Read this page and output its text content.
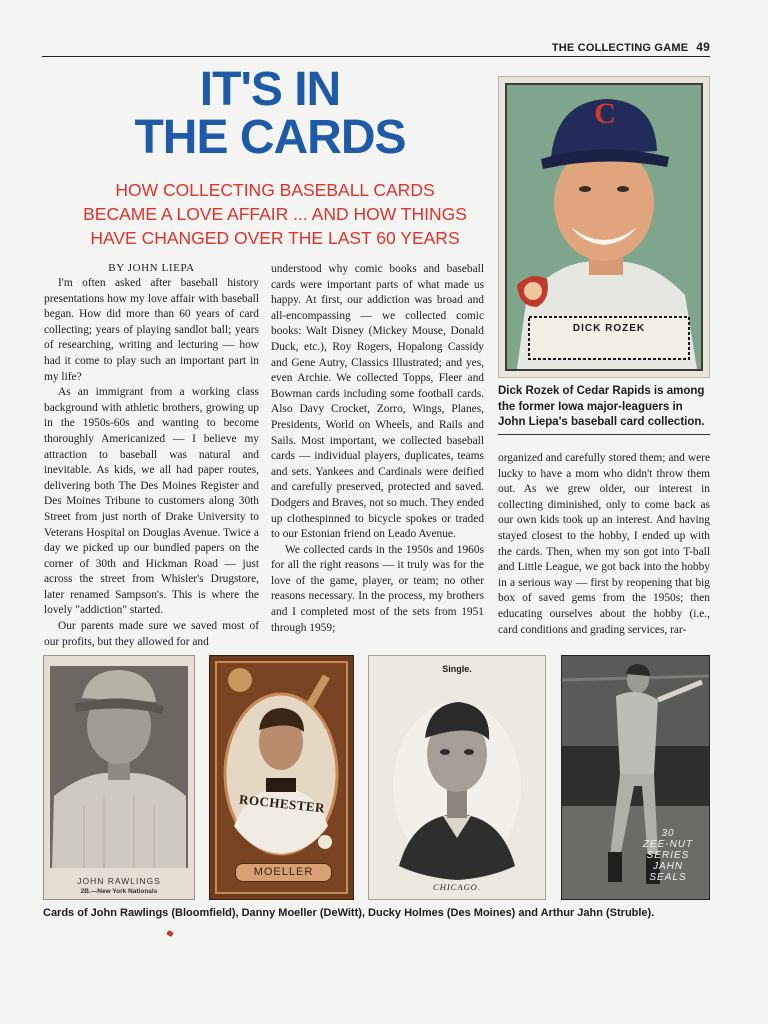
THE COLLECTING GAME 49
IT'S IN
THE CARDS
HOW COLLECTING BASEBALL CARDS
BECAME A LOVE AFFAIR ... AND HOW THINGS
HAVE CHANGED OVER THE LAST 60 YEARS
BY JOHN LIEPA

I'm often asked after baseball history presentations how my love affair with baseball began. How did more than 60 years of card collecting; years of playing sandlot ball; years of researching, writing and lecturing — how had it come to play such an important part in my life?

As an immigrant from a working class background with athletic brothers, growing up in the 1950s-60s and wanting to become thoroughly Americanized — I believe my attraction to baseball was natural and inevitable. As kids, we all had paper routes, delivering both The Des Moines Register and Des Moines Tribune to customers along 30th Street from just north of Drake University to Veterans Hospital on Douglas Avenue. Twice a day we picked up our bundled papers on the corner of 30th and Hickman Road — just across the street from Whisler's Drugstore, later renamed Sampson's. This is where the lovely "addiction" started.

Our parents made sure we saved most of our profits, but they allowed for and

understood why comic books and baseball cards were important parts of what made us happy. At first, our addiction was broad and all-encompassing — we collected comic books: Walt Disney (Mickey Mouse, Donald Duck, etc.), Roy Rogers, Hopalong Cassidy and Gene Autry, Classics Illustrated; and yes, even Archie. We collected Topps, Fleer and Bowman cards including some football cards. Also Davy Crocket, Zorro, Wings, Planes, Presidents, World on Wheels, and Rails and Sails. Most important, we collected baseball cards — individual players, duplicates, teams and sets. Yankees and Cardinals were deified and carefully preserved, protected and saved. Dodgers and Braves, not so much. They ended up clothespinned to bicycle spokes or traded to our Estonian friend on Leado Avenue.

We collected cards in the 1950s and 1960s for all the right reasons — it truly was for the love of the game, player, or team; no other reasons necessary. In the process, my brothers and I completed most of the sets from 1951 through 1959;

organized and carefully stored them; and were lucky to have a mom who didn't throw them out. As we grew older, our interest in collecting diminished, only to come back as our own kids took up an interest. And having stayed closest to the hobby, I ended up with the cards. Then, when my son got into T-ball and Little League, we got back into the hobby in a serious way — first by reopening that big box of saved gems from the 1950s; then educating ourselves about the hobby (i.e., card conditions and grading services, rar-

C
DICK ROZEK
Dick Rozek of Cedar Rapids is among the former Iowa major-leaguers in John Liepa's baseball card collection.
JOHN RAWLINGS
2B.—New York Nationals
ROCHESTER
MOELLER
Single.
CHICAGO.
30
ZEE-NUT
SERIES
JAHN
SEALS
Cards of John Rawlings (Bloomfield), Danny Moeller (DeWitt), Ducky Holmes (Des Moines) and Arthur Jahn (Struble).
